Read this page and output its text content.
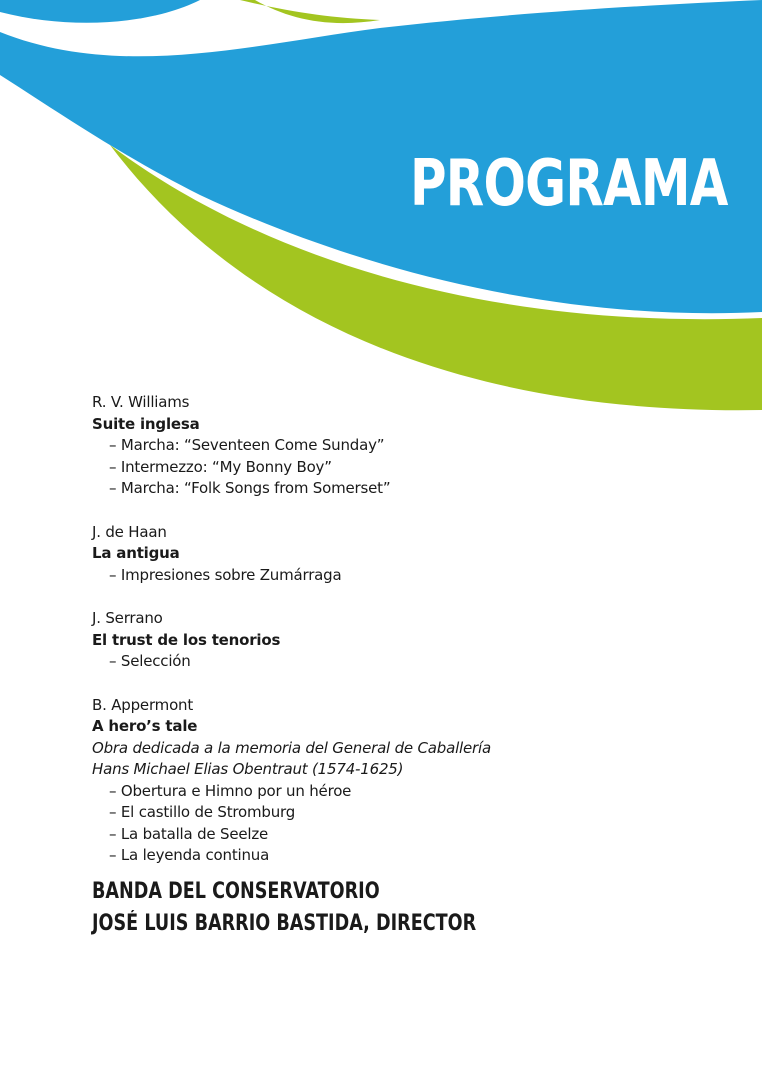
PROGRAMA
R. V. Williams
Suite inglesa
– Marcha: “Seventeen Come Sunday”
– Intermezzo: “My Bonny Boy”
– Marcha: “Folk Songs from Somerset”
J. de Haan
La antigua
– Impresiones sobre Zumárraga
J. Serrano
El trust de los tenorios
– Selección
B. Appermont
A hero’s tale
Obra dedicada a la memoria del General de Caballería
Hans Michael Elias Obentraut (1574-1625)
– Obertura e Himno por un héroe
– El castillo de Stromburg
– La batalla de Seelze
– La leyenda continua
BANDA DEL CONSERVATORIO
JOSÉ LUIS BARRIO BASTIDA, DIRECTOR
